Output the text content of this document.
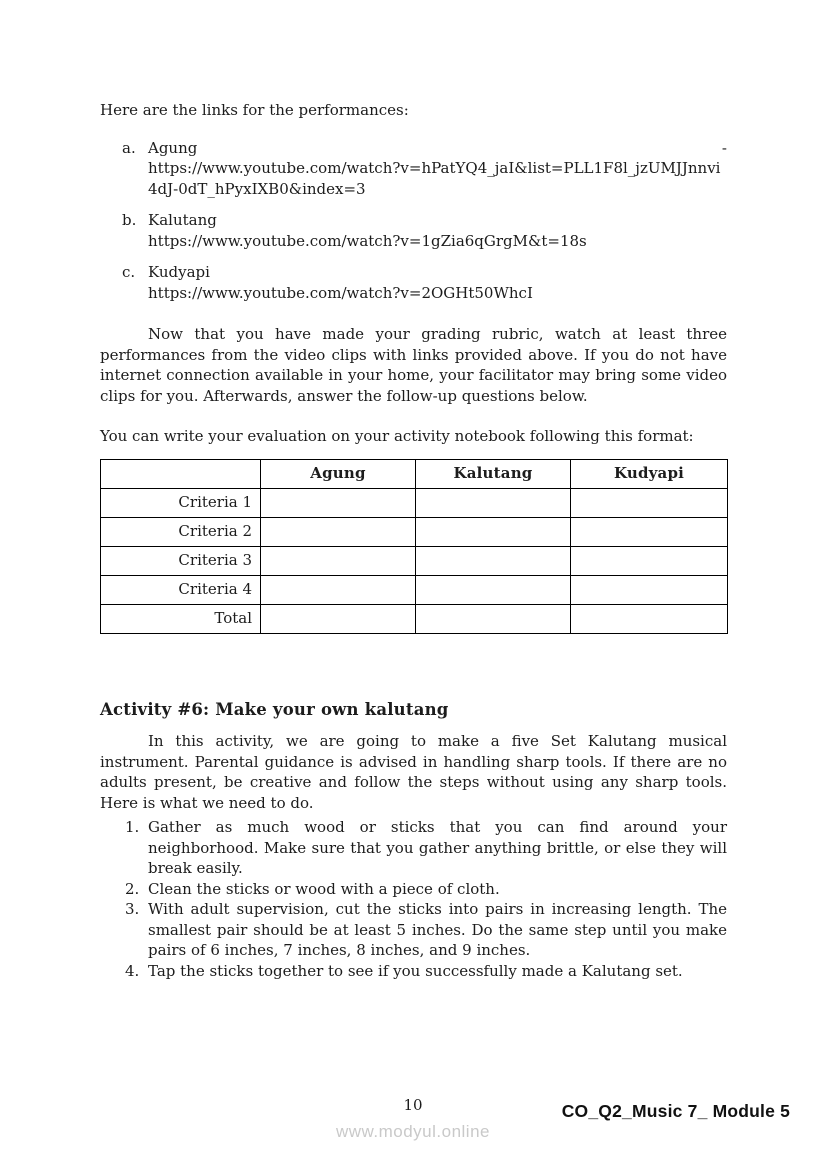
Here are the links for the performances:

a. Agung	-
https://www.youtube.com/watch?v=hPatYQ4_jaI&list=PLL1F8l_jzUMJJnnvi4dJ-0dT_hPyxIXB0&index=3
b. Kalutang
https://www.youtube.com/watch?v=1gZia6qGrgM&t=18s
c. Kudyapi
https://www.youtube.com/watch?v=2OGHt50WhcI

Now that you have made your grading rubric, watch at least three performances from the video clips with links provided above. If you do not have internet connection available in your home, your facilitator may bring some video clips for you. Afterwards, answer the follow-up questions below.

You can write your evaluation on your activity notebook following this format:

	Agung	Kalutang	Kudyapi
Criteria 1			
Criteria 2			
Criteria 3			
Criteria 4			
Total			

Activity #6: Make your own kalutang

In this activity, we are going to make a five Set Kalutang musical instrument. Parental guidance is advised in handling sharp tools. If there are no adults present, be creative and follow the steps without using any sharp tools. Here is what we need to do.

1. Gather as much wood or sticks that you can find around your neighborhood. Make sure that you gather anything brittle, or else they will break easily.
2. Clean the sticks or wood with a piece of cloth.
3. With adult supervision, cut the sticks into pairs in increasing length. The smallest pair should be at least 5 inches. Do the same step until you make pairs of 6 inches, 7 inches, 8 inches, and 9 inches.
4. Tap the sticks together to see if you successfully made a Kalutang set.
10
www.modyul.online
CO_Q2_Music 7_ Module 5
